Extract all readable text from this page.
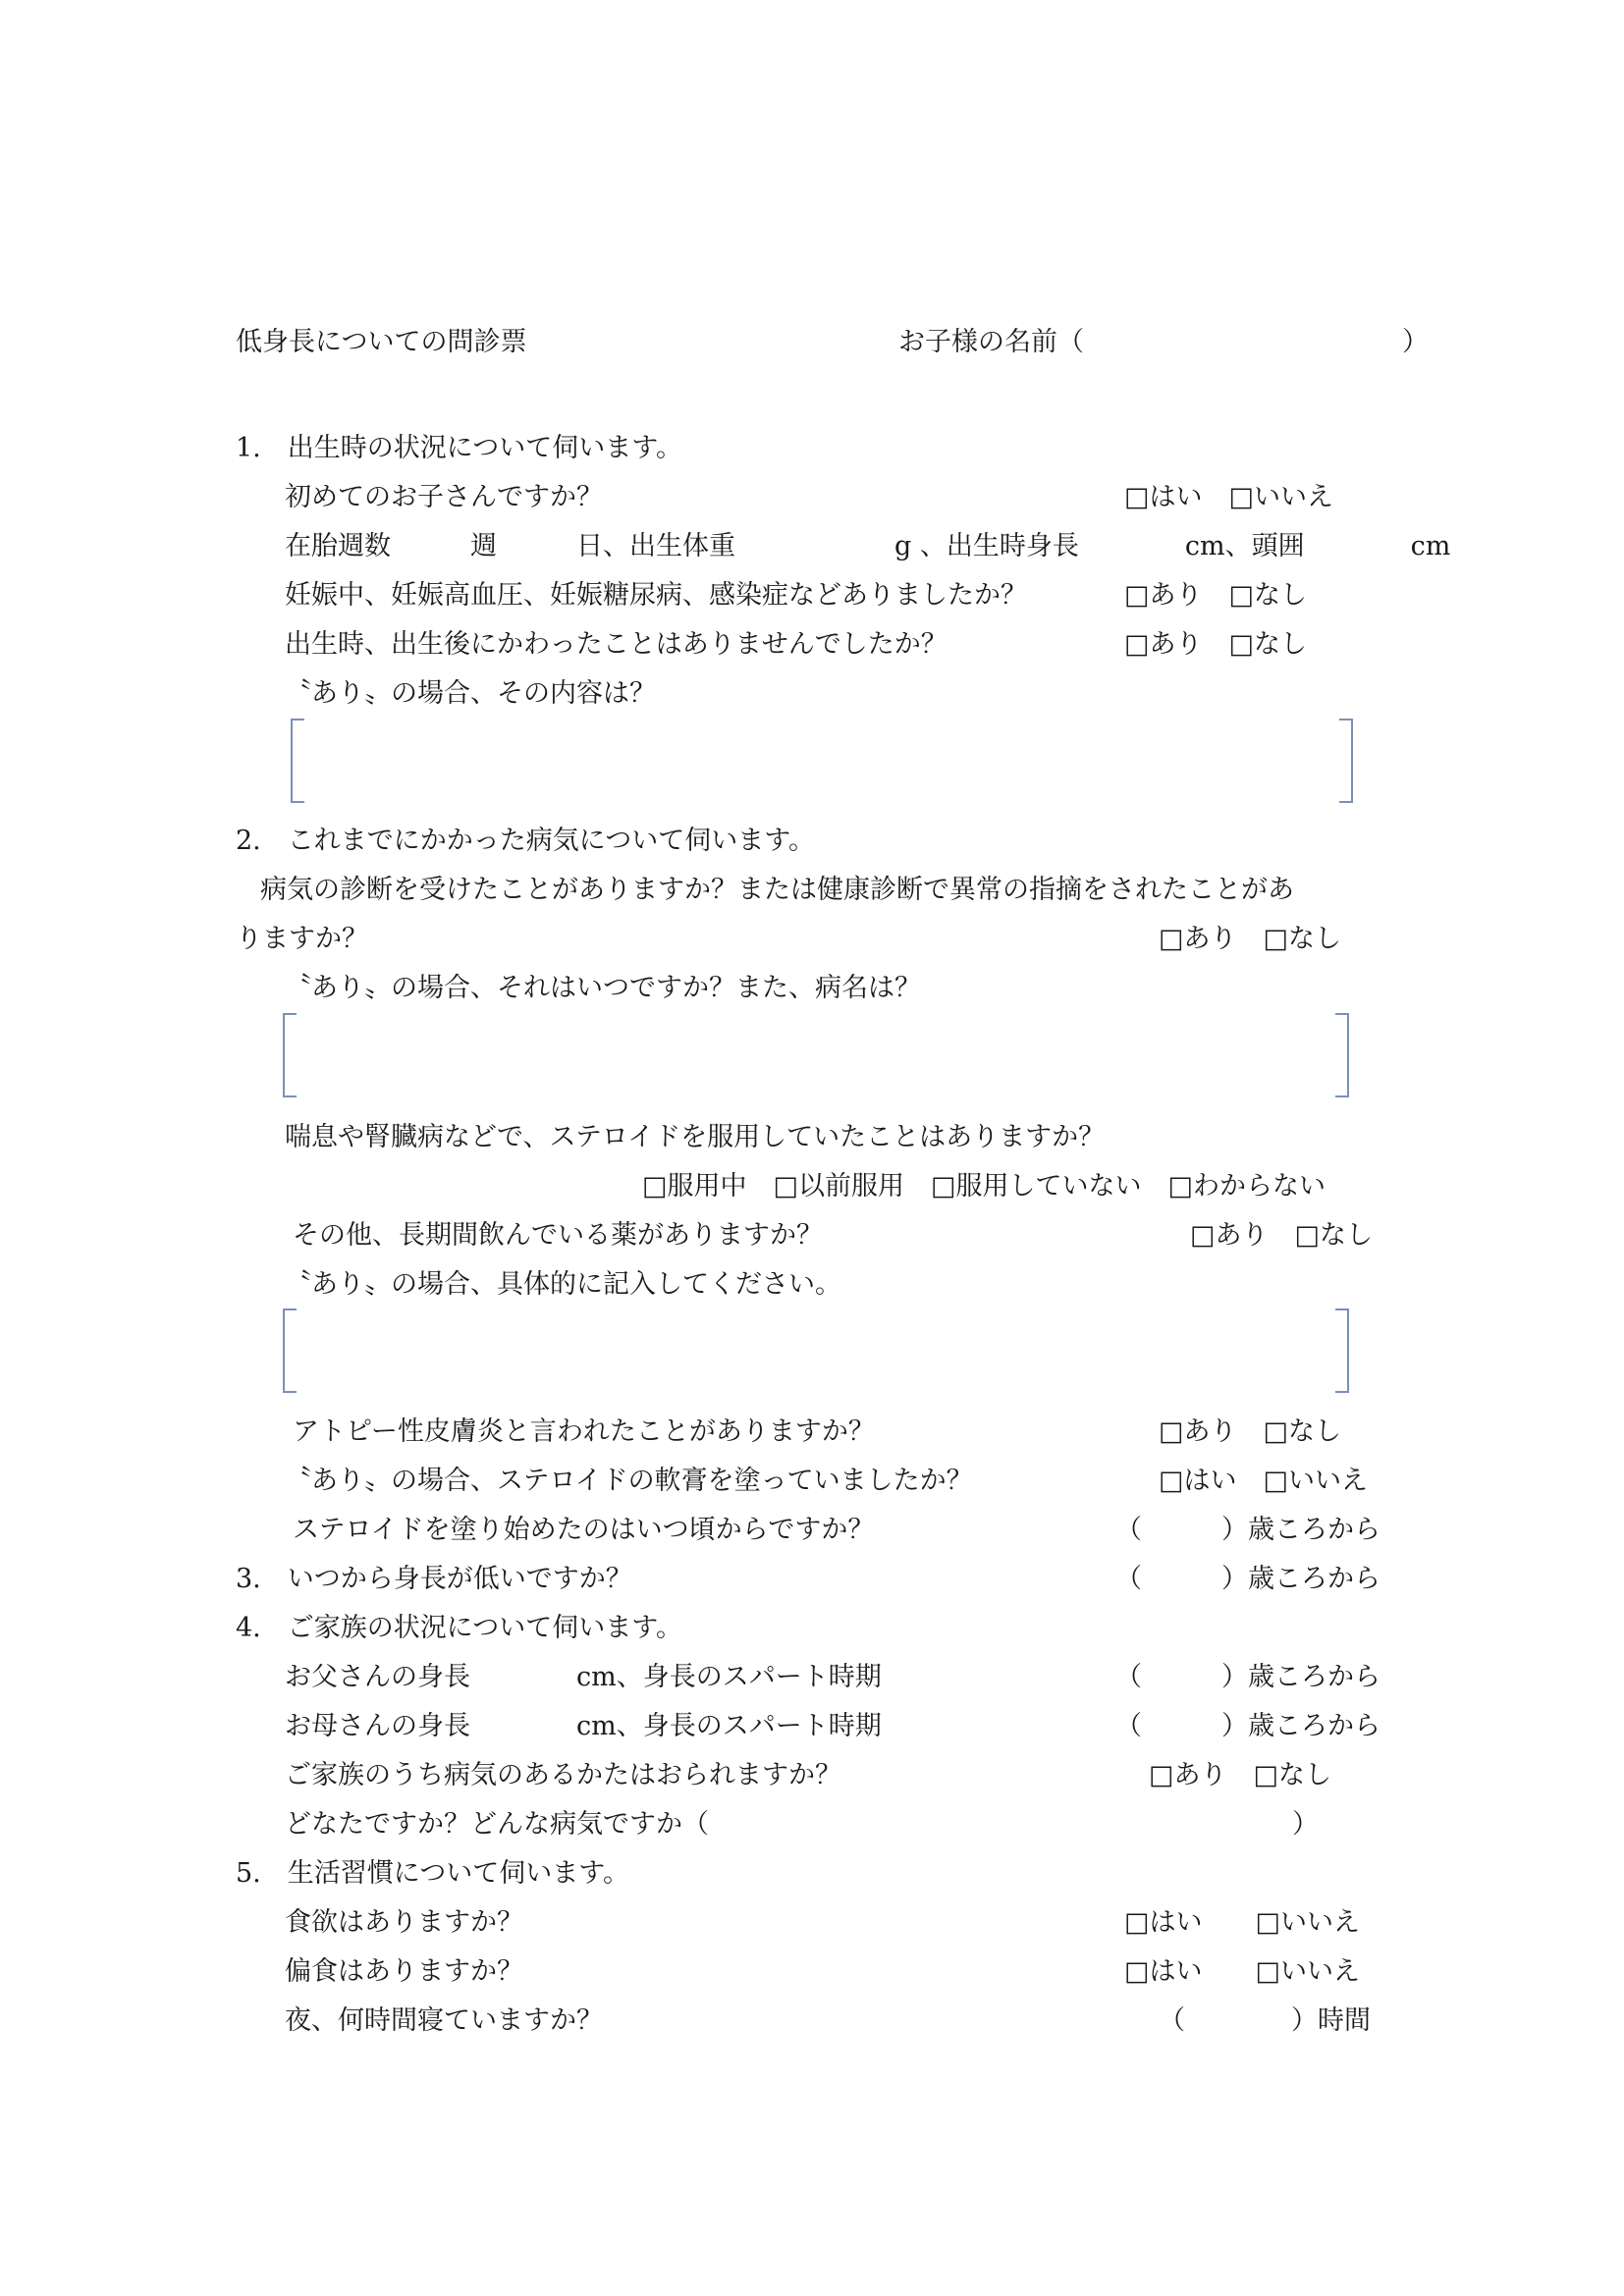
低身長についての問診票	お子様の名前（　　　　　　　　　　　　）
1.　出生時の状況について伺います。
初めてのお子さんですか？	□はい　□いいえ
在胎週数　　　週　　　日、出生体重　　　　　　g 、出生時身長　　　　cm、頭囲　　　　cm
妊娠中、妊娠高血圧、妊娠糖尿病、感染症などありましたか？	□あり　□なし
出生時、出生後にかわったことはありませんでしたか？	□あり　□なし
〝あり〟の場合、その内容は？
2.　これまでにかかった病気について伺います。
病気の診断を受けたことがありますか？または健康診断で異常の指摘をされたことがあ
りますか？	□あり　□なし
〝あり〟の場合、それはいつですか？また、病名は？
喘息や腎臓病などで、ステロイドを服用していたことはありますか？
□服用中　□以前服用　□服用していない　□わからない
その他、長期間飲んでいる薬がありますか？	□あり　□なし
〝あり〟の場合、具体的に記入してください。
アトピー性皮膚炎と言われたことがありますか？	□あり　□なし
〝あり〟の場合、ステロイドの軟膏を塗っていましたか？	□はい　□いいえ
ステロイドを塗り始めたのはいつ頃からですか？	（　　　）歳ころから
3.　いつから身長が低いですか？	（　　　）歳ころから
4.　ご家族の状況について伺います。
お父さんの身長　　　　cm、身長のスパート時期	（　　　）歳ころから
お母さんの身長　　　　cm、身長のスパート時期	（　　　）歳ころから
ご家族のうち病気のあるかたはおられますか？	□あり　□なし
どなたですか？どんな病気ですか（　　　　　　　　　　　　　　　　　　　　　　）
5.　生活習慣について伺います。
食欲はありますか？	□はい　　□いいえ
偏食はありますか？	□はい　　□いいえ
夜、何時間寝ていますか？	（　　　　）時間
